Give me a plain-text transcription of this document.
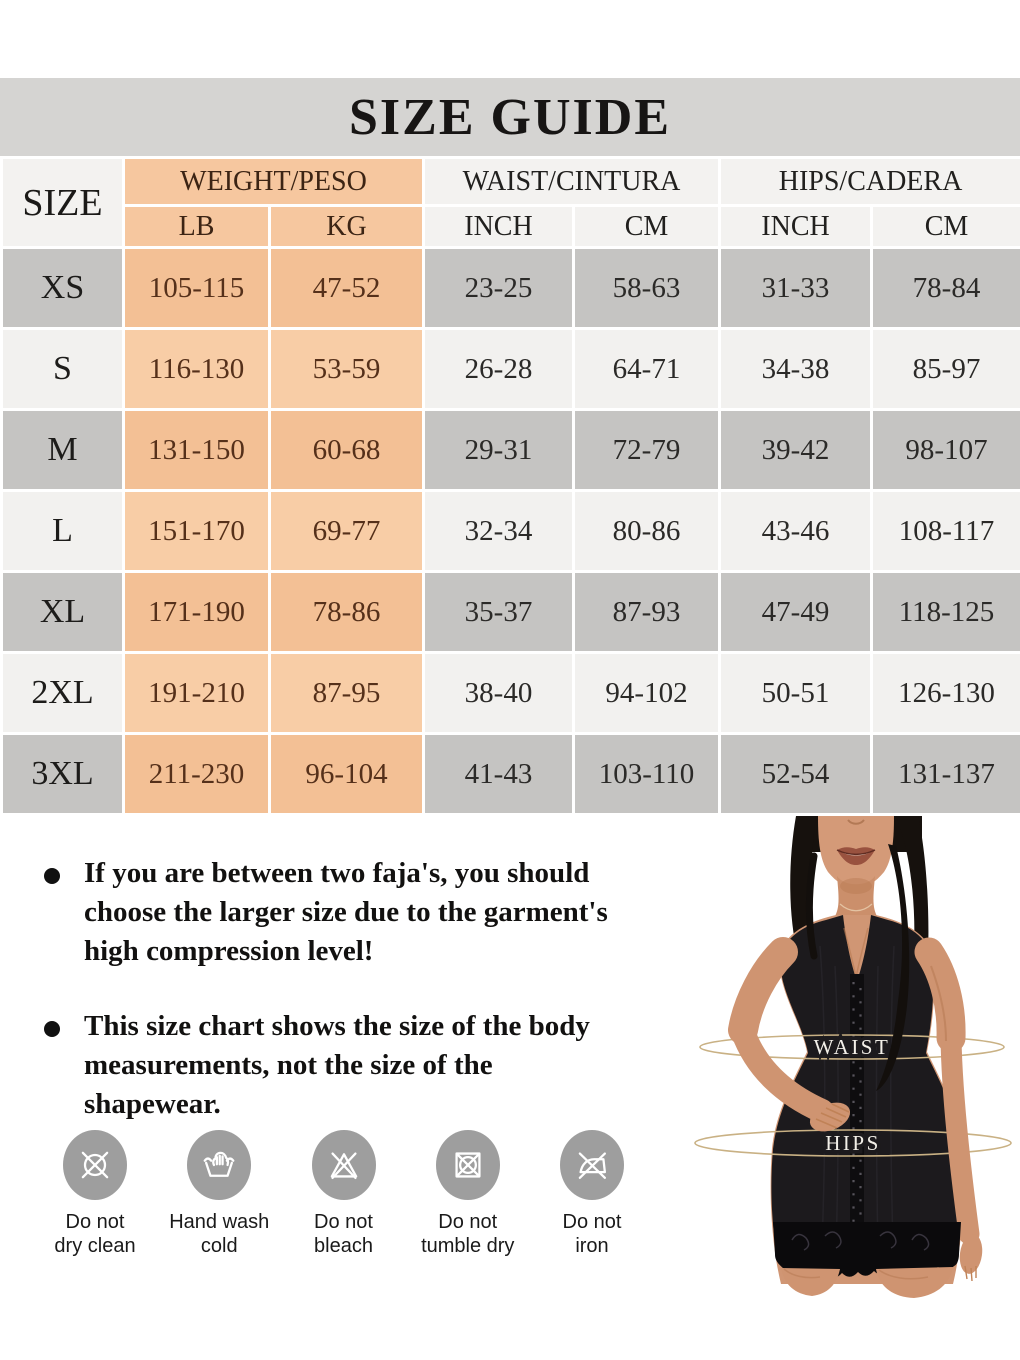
SIZE GUIDE
SIZE	WEIGHT/PESO		WAIST/CINTURA		HIPS/CADERA	
	LB	KG	INCH	CM	INCH	CM
XS	105-115	47-52	23-25	58-63	31-33	78-84
S	116-130	53-59	26-28	64-71	34-38	85-97
M	131-150	60-68	29-31	72-79	39-42	98-107
L	151-170	69-77	32-34	80-86	43-46	108-117
XL	171-190	78-86	35-37	87-93	47-49	118-125
2XL	191-210	87-95	38-40	94-102	50-51	126-130
3XL	211-230	96-104	41-43	103-110	52-54	131-137
If you are between two faja's, you should
choose the larger size due to the garment's
high compression level!
This size chart shows the size of the body
measurements, not the size of the
shapewear.
Do not
dry clean
Hand wash
cold
Do not
bleach
Do not
tumble dry
Do not
iron
WAIST
HIPS
